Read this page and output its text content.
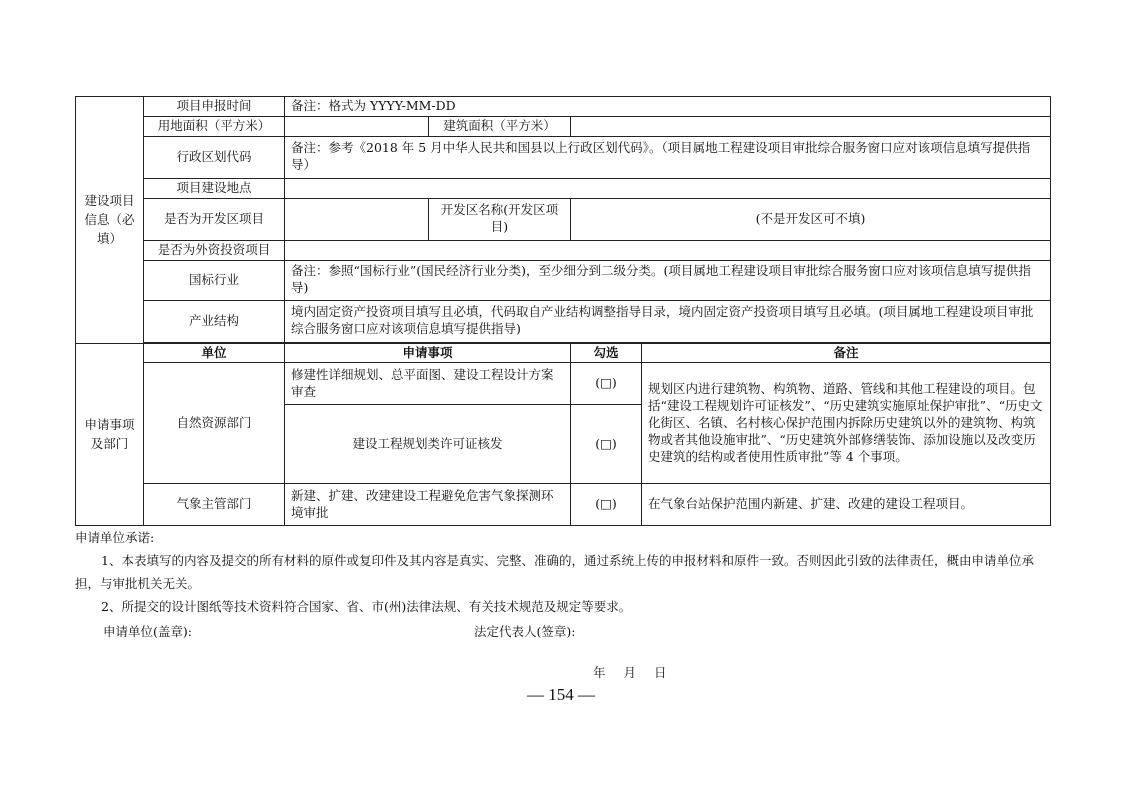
建设项目信息（必填）	项目申报时间	备注：格式为 YYYY-MM-DD			
	用地面积（平方米）		建筑面积（平方米）		
	行政区划代码	备注：参考《2018 年 5 月中华人民共和国县以上行政区划代码》。（项目属地工程建设项目审批综合服务窗口应对该项信息填写提供指导）			
	项目建设地点				
	是否为开发区项目		开发区名称(开发区项目)	(不是开发区可不填)	
	是否为外资投资项目				
	国标行业	备注：参照“国标行业”(国民经济行业分类)，至少细分到二级分类。(项目属地工程建设项目审批综合服务窗口应对该项信息填写提供指导)			
	产业结构	境内固定资产投资项目填写且必填，代码取自产业结构调整指导目录，境内固定资产投资项目填写且必填。(项目属地工程建设项目审批综合服务窗口应对该项信息填写提供指导)			

申请事项及部门	单位	申请事项		勾选	备注
	自然资源部门	修建性详细规划、总平面图、建设工程设计方案审查		(□)	规划区内进行建筑物、构筑物、道路、管线和其他工程建设的项目。包括“建设工程规划许可证核发”、“历史建筑实施原址保护审批”、“历史文化街区、名镇、名村核心保护范围内拆除历史建筑以外的建筑物、构筑物或者其他设施审批”、“历史建筑外部修缮装饰、添加设施以及改变历史建筑的结构或者使用性质审批”等 4 个事项。
		建设工程规划类许可证核发		(□)	
	气象主管部门	新建、扩建、改建建设工程避免危害气象探测环境审批		(□)	在气象台站保护范围内新建、扩建、改建的建设工程项目。
申请单位承诺:
1、本表填写的内容及提交的所有材料的原件或复印件及其内容是真实、完整、准确的，通过系统上传的申报材料和原件一致。否则因此引致的法律责任，概由申请单位承担，与审批机关无关。
2、所提交的设计图纸等技术资料符合国家、省、市(州)法律法规、有关技术规范及规定等要求。
申请单位(盖章):	法定代表人(签章):
年 月 日
— 154 —
